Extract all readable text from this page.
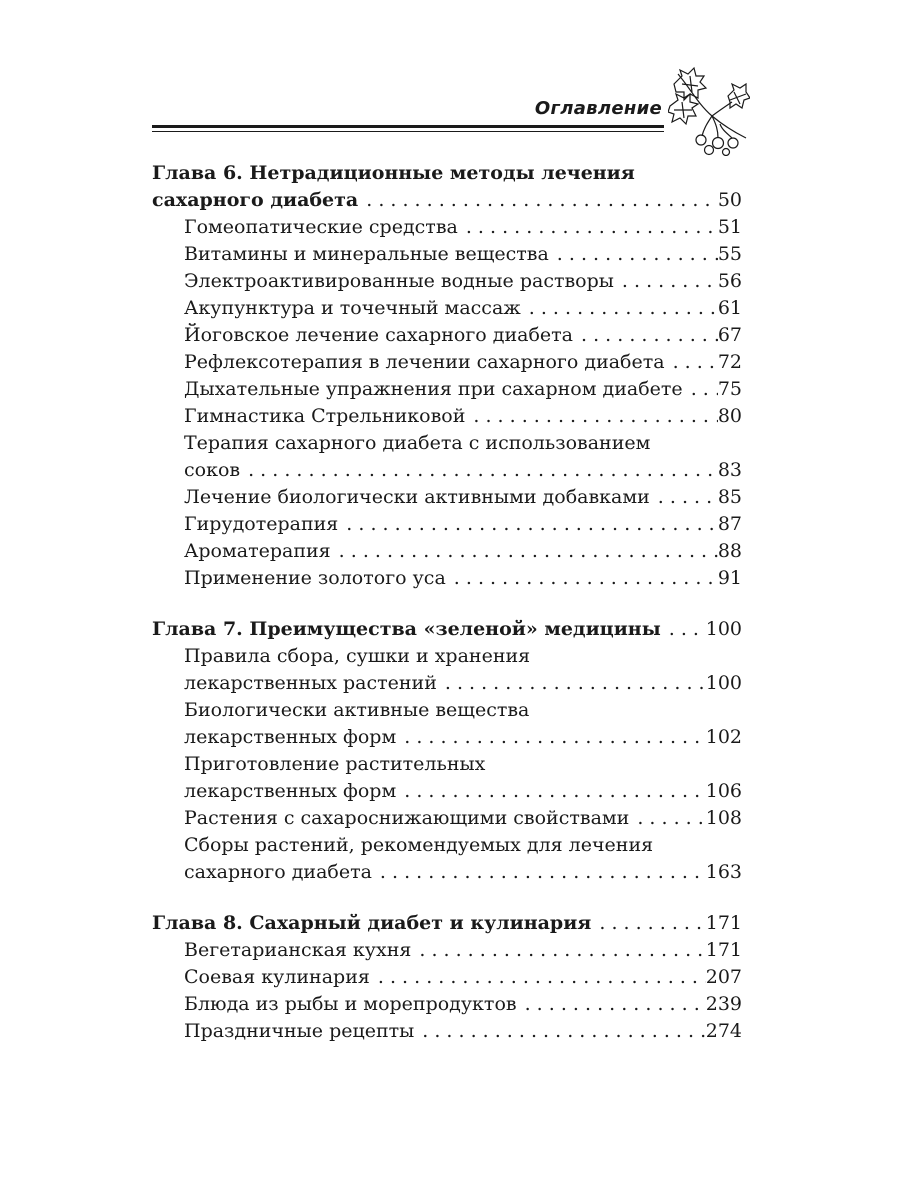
Оглавление
Глава 6. Нетрадиционные методы лечения
сахарного диабета . . .	50
Гомеопатические средства . . .	51
Витамины и минеральные вещества . . .	55
Электроактивированные водные растворы . . .	56
Акупунктура и точечный массаж . . .	61
Йоговское лечение сахарного диабета . . .	67
Рефлексотерапия в лечении сахарного диабета . . .	72
Дыхательные упражнения при сахарном диабете . . . 75
Гимнастика Стрельниковой . . .	80
Терапия сахарного диабета с использованием
соков . . .	83
Лечение биологически активными добавками . . .	85
Гирудотерапия . . .	87
Ароматерапия . . .	88
Применение золотого уса . . .	91
Глава 7. Преимущества «зеленой» медицины . . . 100
Правила сбора, сушки и хранения
лекарственных растений . . .	100
Биологически активные вещества
лекарственных форм . . .	102
Приготовление растительных
лекарственных форм . . .	106
Растения с сахароснижающими свойствами . . .	108
Сборы растений, рекомендуемых для лечения
сахарного диабета . . .	163
Глава 8. Сахарный диабет и кулинария . . .	171
Вегетарианская кухня . . .	171
Соевая кулинария . . .	207
Блюда из рыбы и морепродуктов . . .	239
Праздничные рецепты . . .	274
